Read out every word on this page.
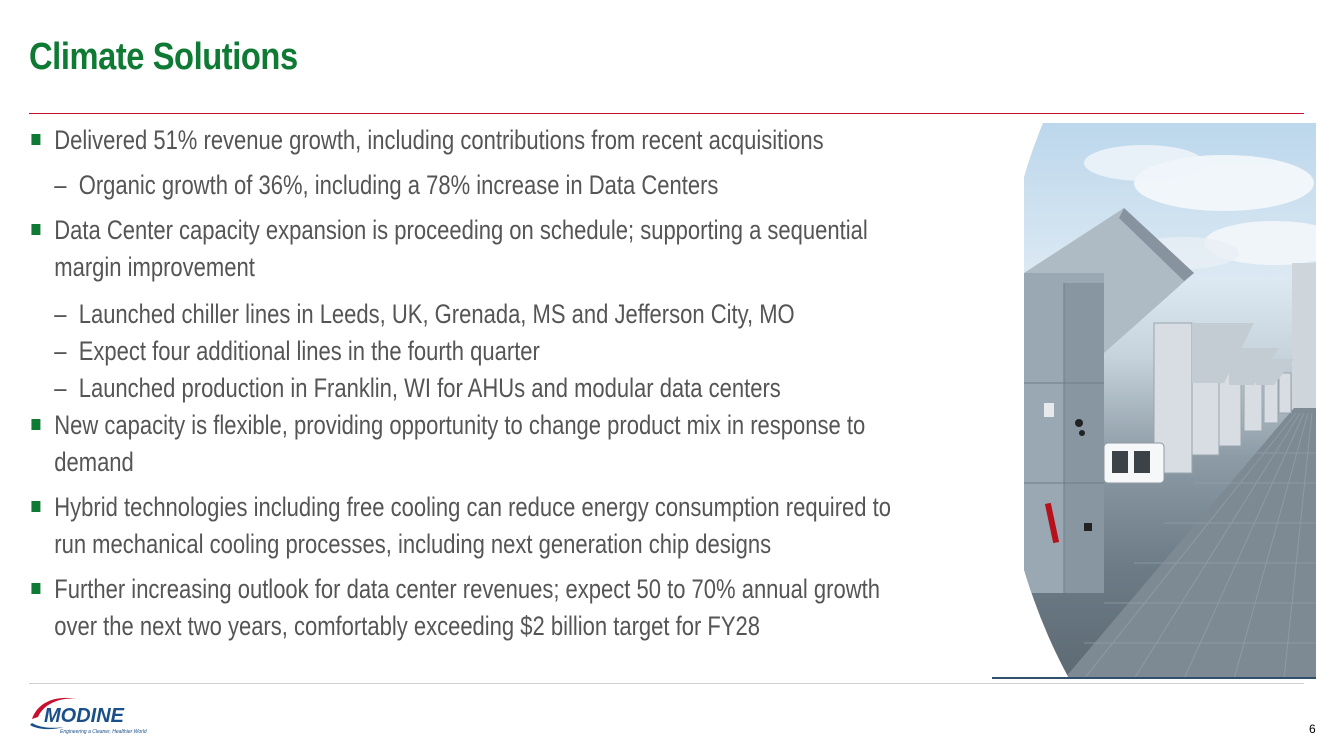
Climate Solutions
Delivered 51% revenue growth, including contributions from recent acquisitions
– Organic growth of 36%, including a 78% increase in Data Centers
Data Center capacity expansion is proceeding on schedule; supporting a sequential margin improvement
– Launched chiller lines in Leeds, UK, Grenada, MS and Jefferson City, MO
– Expect four additional lines in the fourth quarter
– Launched production in Franklin, WI for AHUs and modular data centers
New capacity is flexible, providing opportunity to change product mix in response to demand
Hybrid technologies including free cooling can reduce energy consumption required to run mechanical cooling processes, including next generation chip designs
Further increasing outlook for data center revenues; expect 50 to 70% annual growth over the next two years, comfortably exceeding $2 billion target for FY28
MODINE
Engineering a Cleaner, Healthier World	6
